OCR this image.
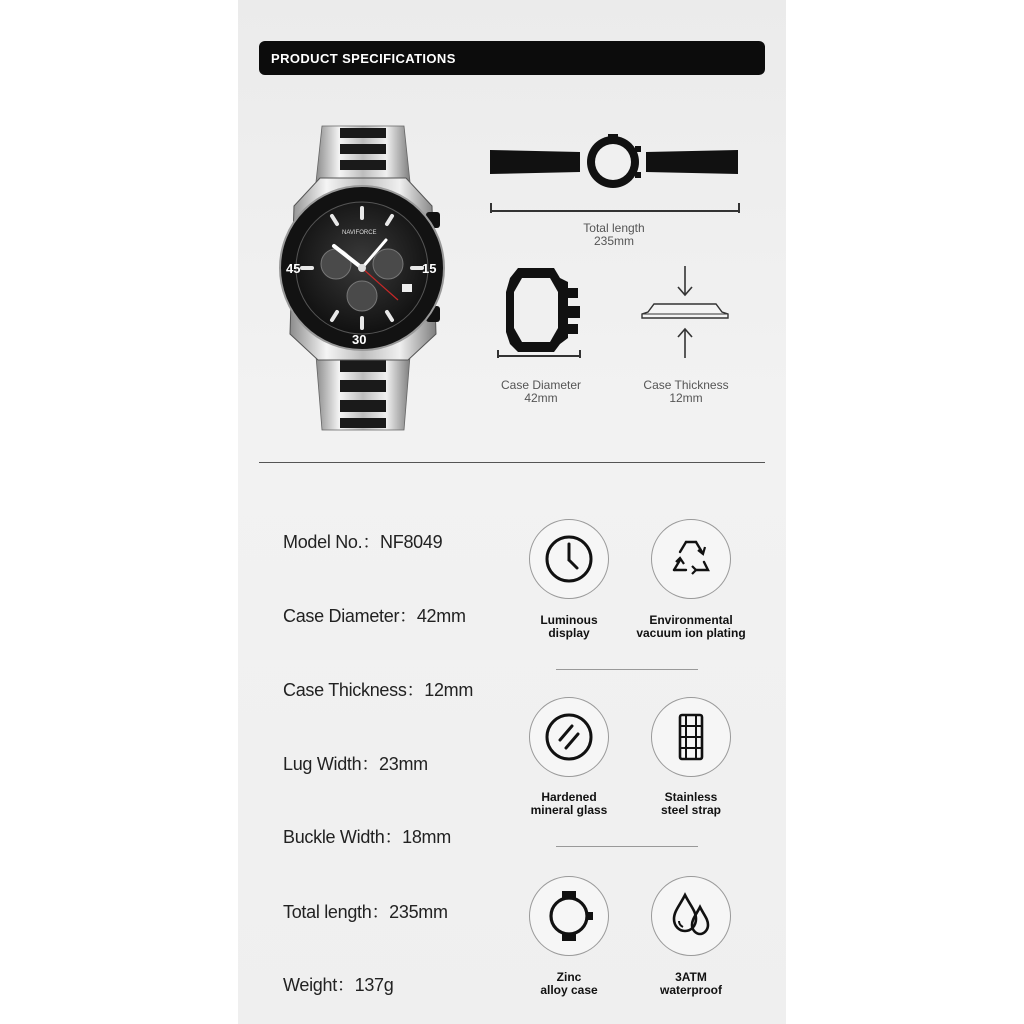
PRODUCT SPECIFICATIONS
45
30
15
NAVIFORCE	Total length
235mm
Case Diameter
42mm
Case Thickness
12mm
Model No.：NF8049
Case Diameter：42mm
Case Thickness：12mm
Lug Width：23mm
Buckle Width：18mm
Total length：235mm
Weight：137g
Luminous
display
Environmental
vacuum ion plating
Hardened
mineral glass
Stainless
steel strap
Zinc
alloy case
3ATM
waterproof
